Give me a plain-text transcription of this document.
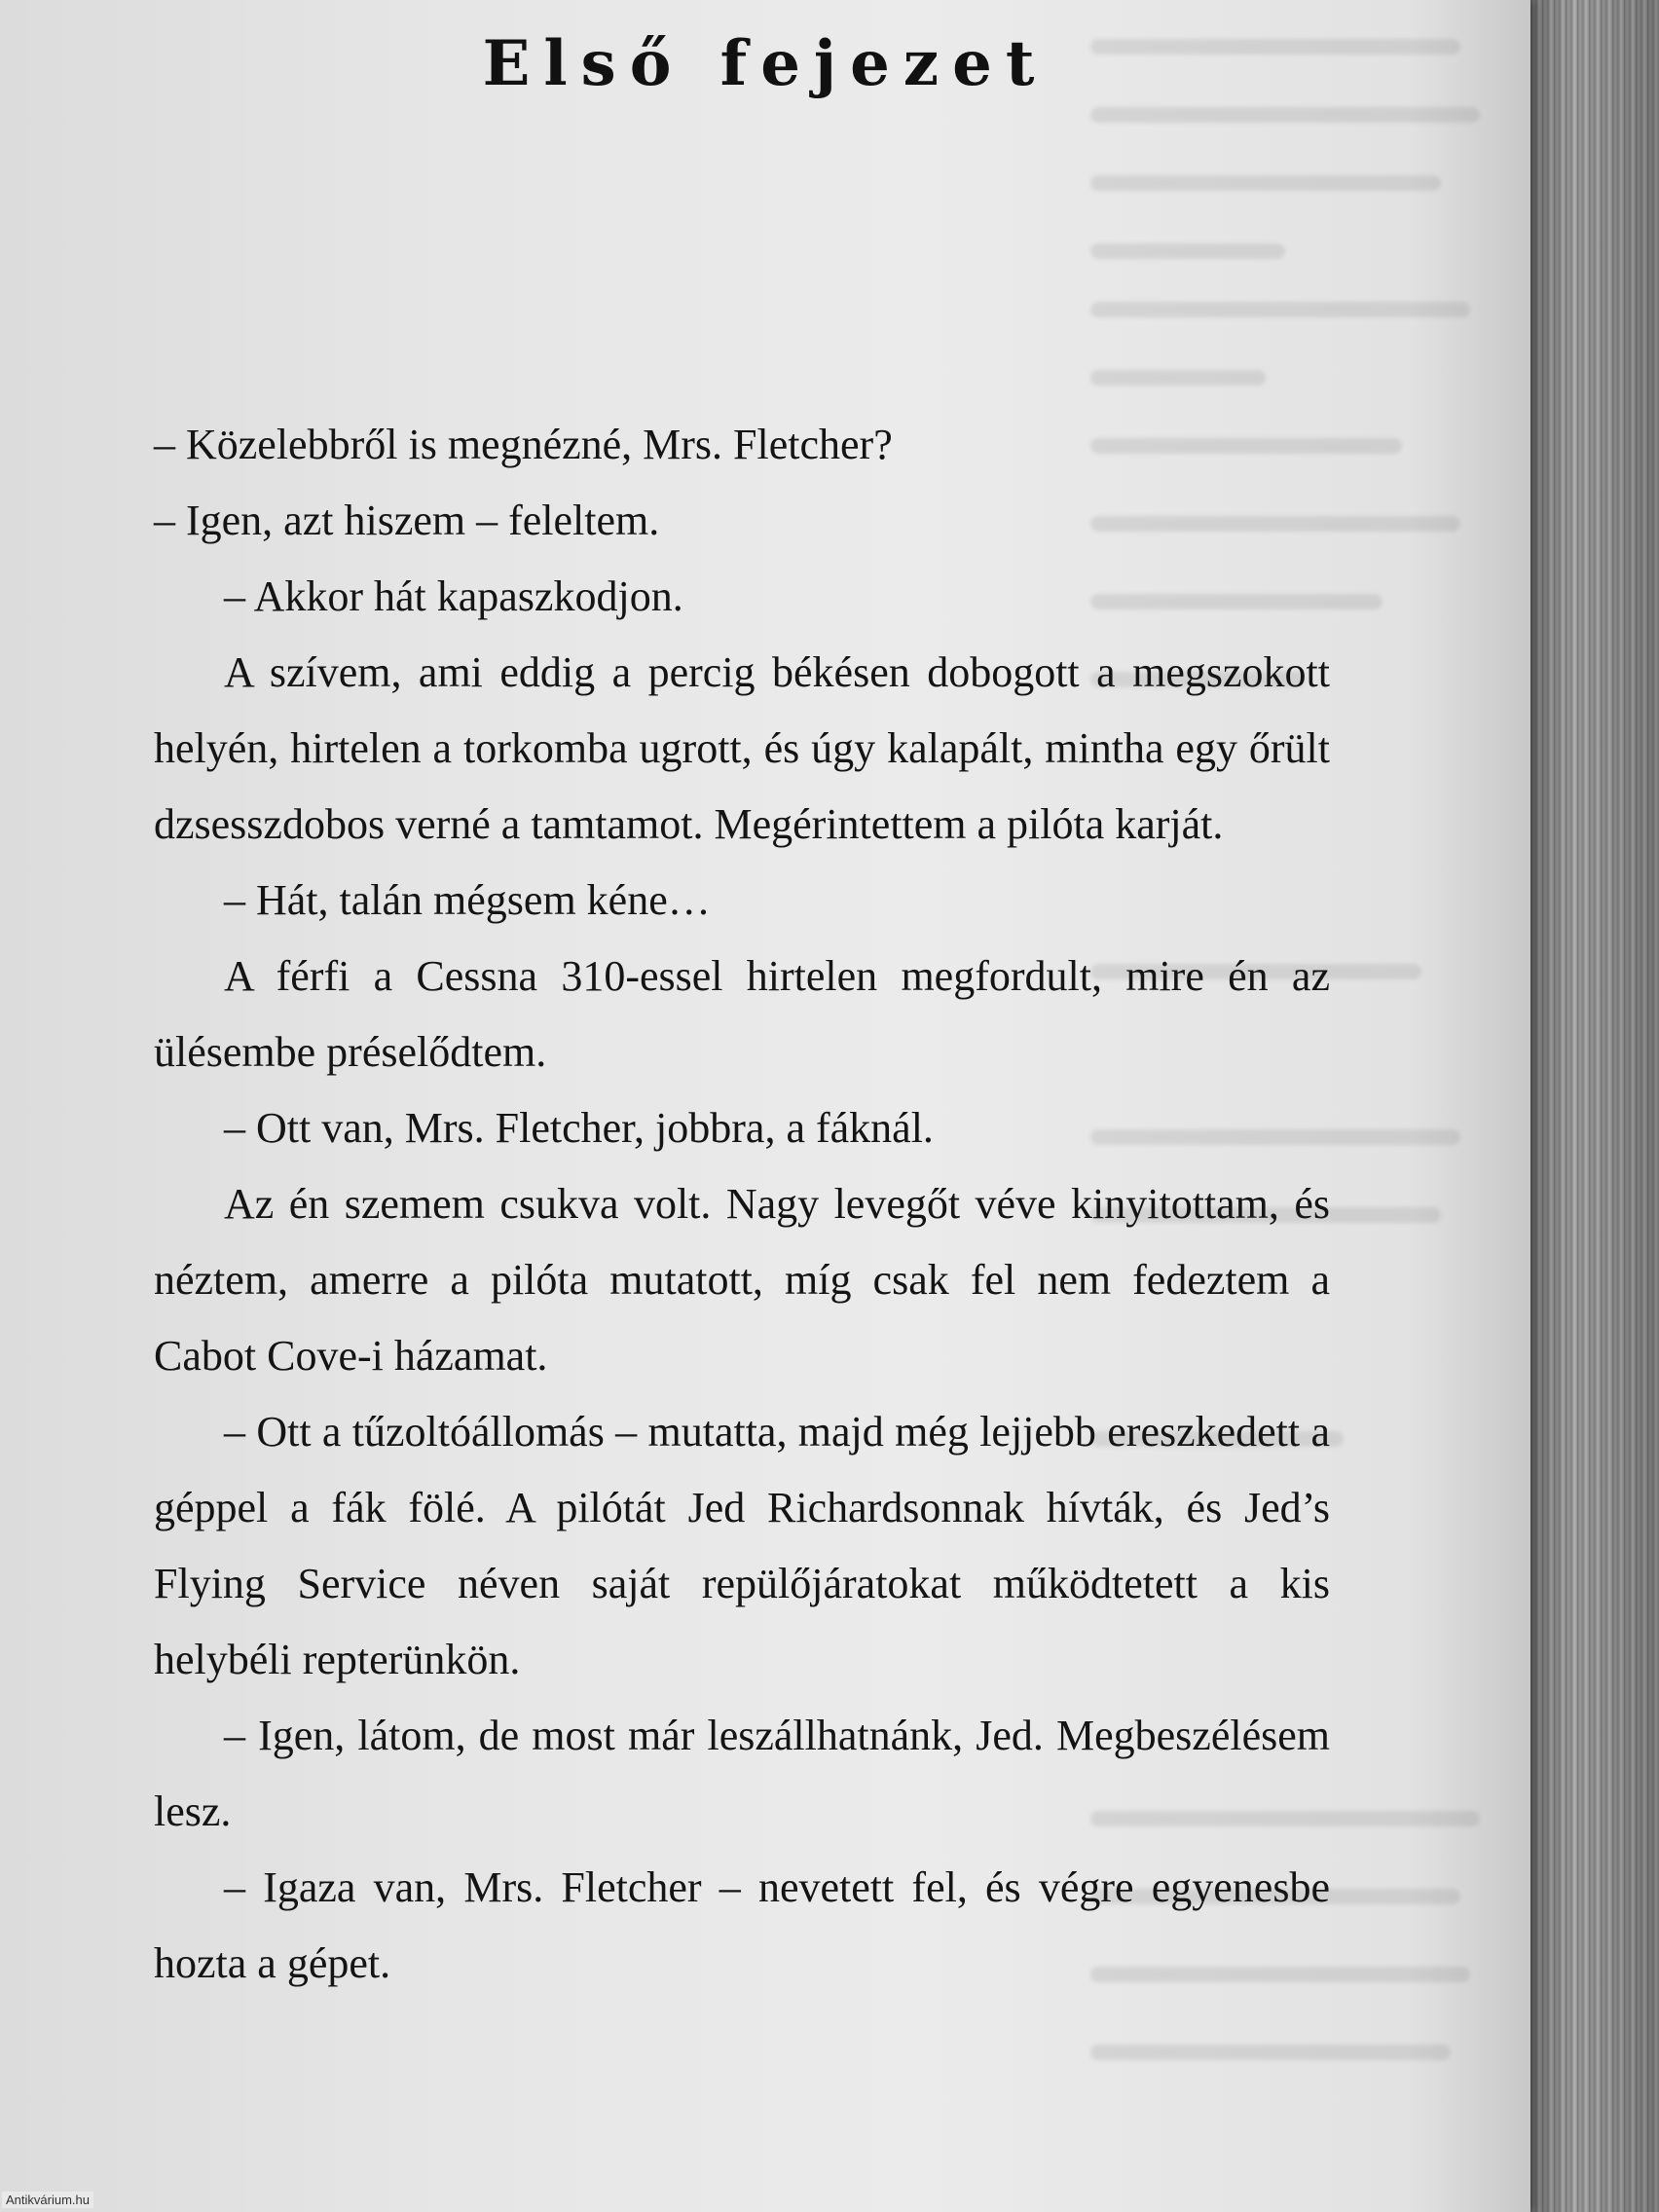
Első fejezet

– Közelebbről is megnézné, Mrs. Fletcher?

– Igen, azt hiszem – feleltem.

– Akkor hát kapaszkodjon.

A szívem, ami eddig a percig békésen dobogott a megszokott helyén, hirtelen a torkomba ugrott, és úgy kalapált, mintha egy őrült dzsesszdobos verné a tamtamot. Megérintettem a pilóta karját.

– Hát, talán mégsem kéne…

A férfi a Cessna 310-essel hirtelen megfordult, mire én az ülésembe préselődtem.

– Ott van, Mrs. Fletcher, jobbra, a fáknál.

Az én szemem csukva volt. Nagy levegőt véve kinyitottam, és néztem, amerre a pilóta mutatott, míg csak fel nem fedeztem a Cabot Cove-i házamat.

– Ott a tűzoltóállomás – mutatta, majd még lejjebb ereszkedett a géppel a fák fölé. A pilótát Jed Richardsonnak hívták, és Jed’s Flying Service néven saját repülőjáratokat működtetett a kis helybéli repterünkön.

– Igen, látom, de most már leszállhatnánk, Jed. Megbeszélésem lesz.

– Igaza van, Mrs. Fletcher – nevetett fel, és végre egyenesbe hozta a gépet.

Antikvárium.hu
